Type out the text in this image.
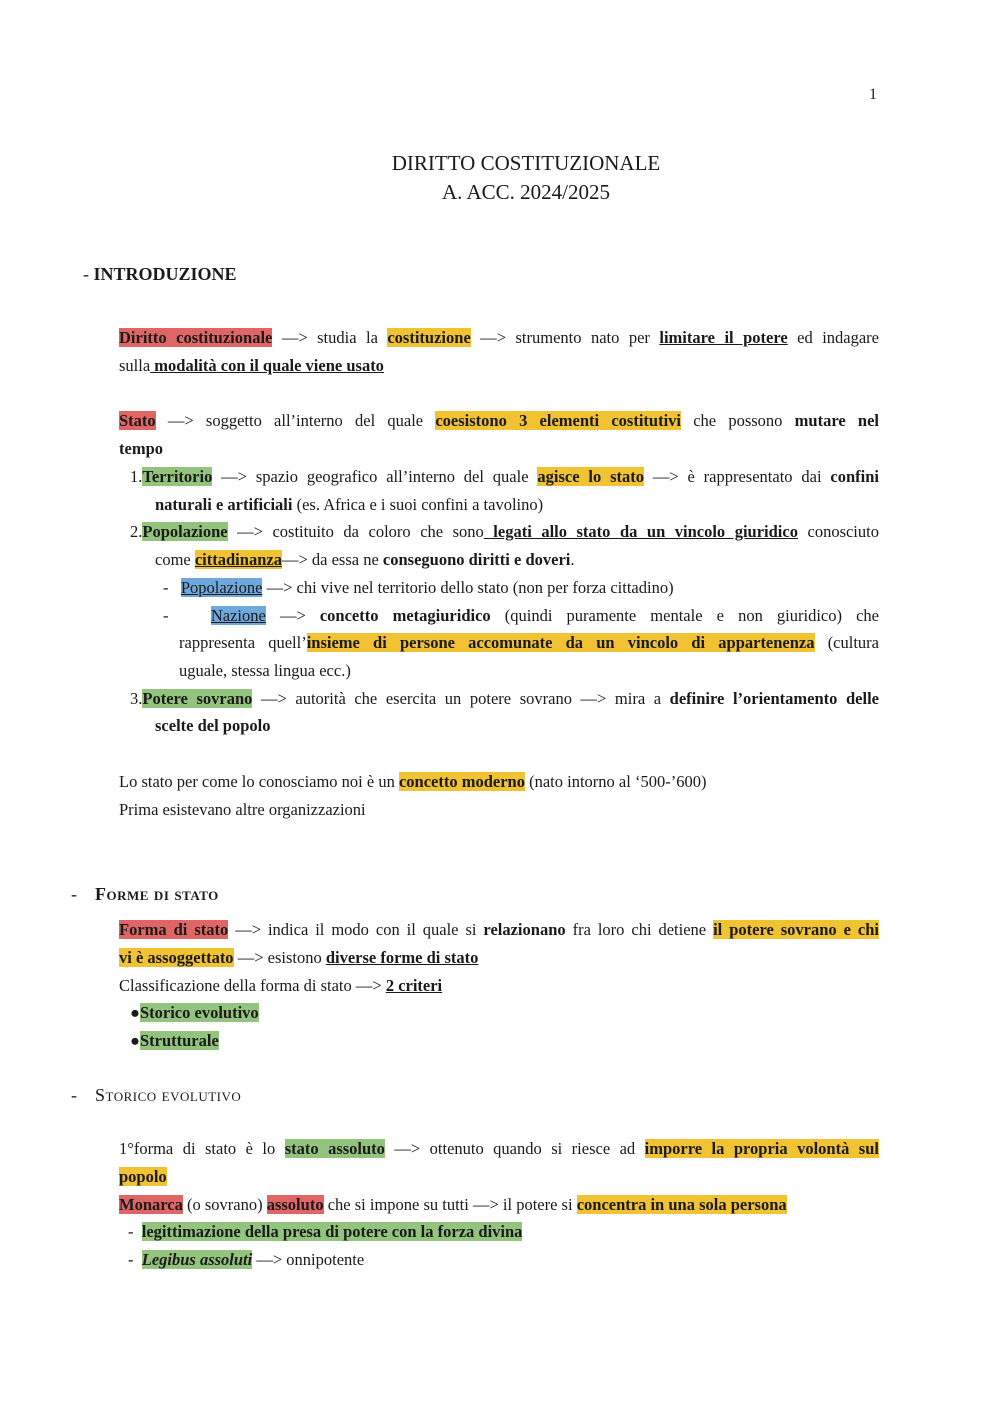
1
DIRITTO COSTITUZIONALE
A. ACC. 2024/2025
- INTRODUZIONE
Diritto costituzionale —> studia la costituzione —> strumento nato per limitare il potere ed indagare
sulla modalità con il quale viene usato
Stato —> soggetto all’interno del quale coesistono 3 elementi costitutivi che possono mutare nel
tempo
1.Territorio —> spazio geografico all’interno del quale agisce lo stato —> è rappresentato dai confini
naturali e artificiali (es. Africa e i suoi confini a tavolino)
2.Popolazione —> costituito da coloro che sono legati allo stato da un vincolo giuridico conosciuto
come cittadinanza—> da essa ne conseguono diritti e doveri.
- Popolazione —> chi vive nel territorio dello stato (non per forza cittadino)
-	Nazione —> concetto metagiuridico (quindi puramente mentale e non giuridico) che
rappresenta quell’insieme di persone accomunate da un vincolo di appartenenza (cultura
uguale, stessa lingua ecc.)
3.Potere sovrano —> autorità che esercita un potere sovrano —> mira a definire l’orientamento delle
scelte del popolo
Lo stato per come lo conosciamo noi è un concetto moderno (nato intorno al ‘500-’600)
Prima esistevano altre organizzazioni
- Forme di stato
Forma di stato —> indica il modo con il quale si relazionano fra loro chi detiene il potere sovrano e chi
vi è assoggettato —> esistono diverse forme di stato
Classificazione della forma di stato —> 2 criteri
●Storico evolutivo
●Strutturale
- Storico evolutivo
1°forma di stato è lo stato assoluto —> ottenuto quando si riesce ad imporre la propria volontà sul
popolo
Monarca (o sovrano) assoluto che si impone su tutti —> il potere si concentra in una sola persona
- legittimazione della presa di potere con la forza divina
- Legibus assoluti —> onnipotente
